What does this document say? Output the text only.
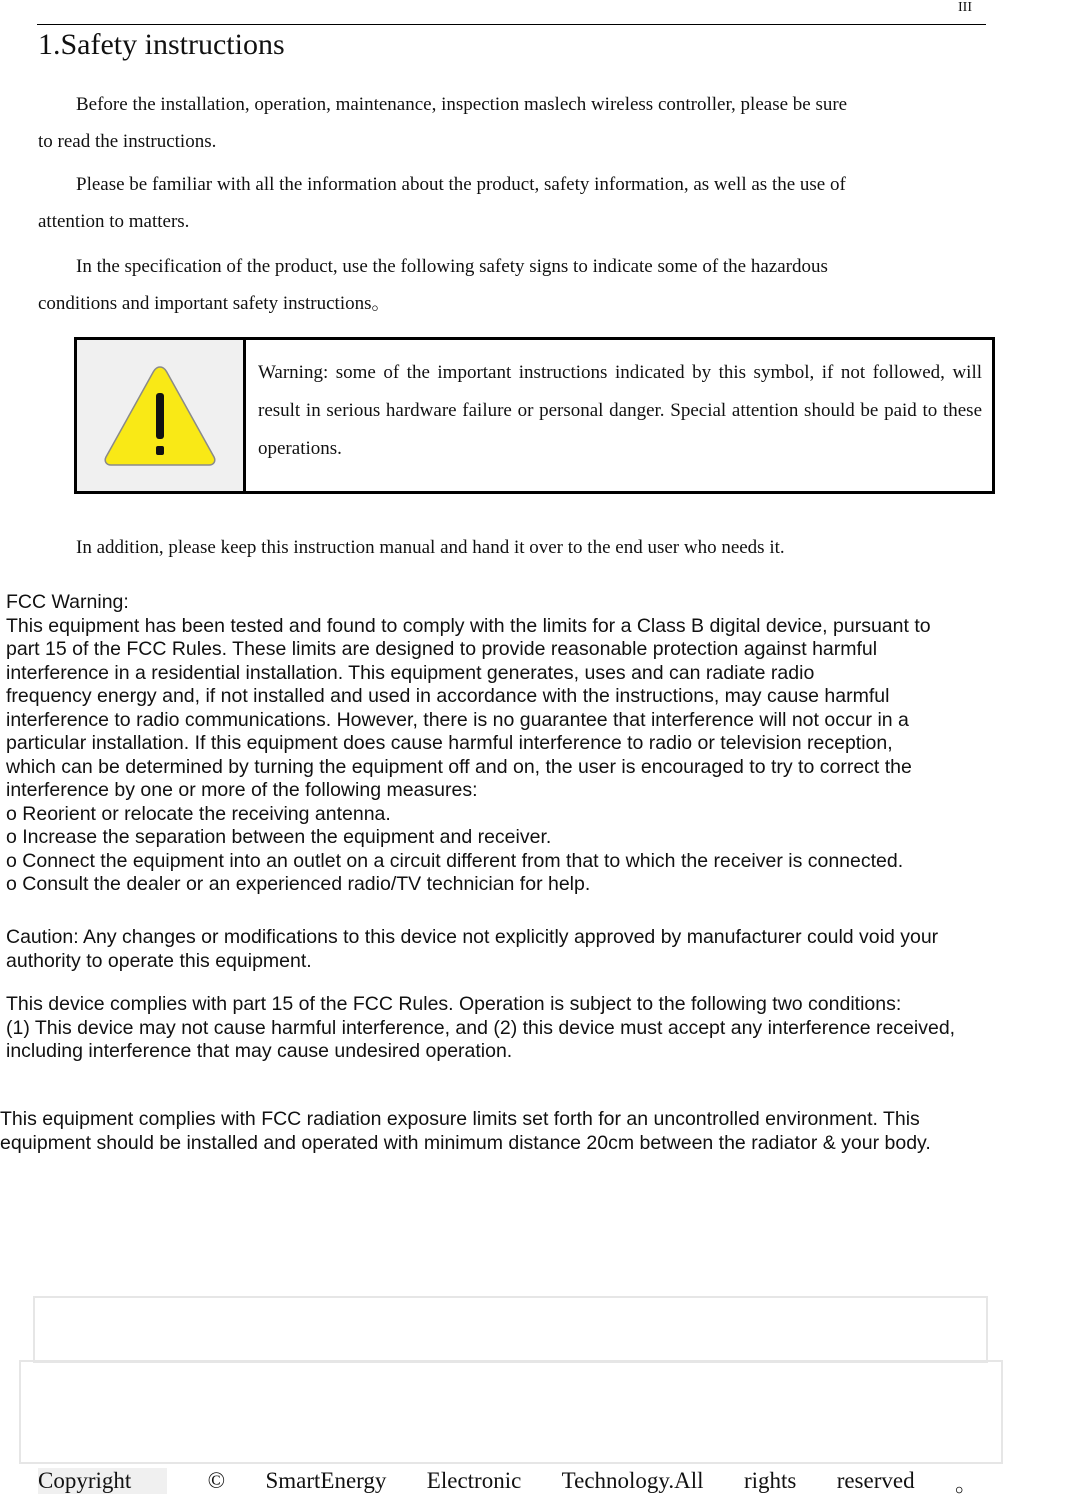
III
1.Safety instructions

Before the installation, operation, maintenance, inspection maslech wireless controller, please be sure
to read the instructions.

Please be familiar with all the information about the product, safety information, as well as the use of
attention to matters.

In the specification of the product, use the following safety signs to indicate some of the hazardous
conditions and important safety instructions。

Warning: some of the important instructions indicated by this symbol, if not followed, will result in serious hardware failure or personal danger. Special attention should be paid to these operations.

In addition, please keep this instruction manual and hand it over to the end user who needs it.

FCC Warning:
This equipment has been tested and found to comply with the limits for a Class B digital device, pursuant to
part 15 of the FCC Rules. These limits are designed to provide reasonable protection against harmful
interference in a residential installation. This equipment generates, uses and can radiate radio
frequency energy and, if not installed and used in accordance with the instructions, may cause harmful
interference to radio communications. However, there is no guarantee that interference will not occur in a
particular installation. If this equipment does cause harmful interference to radio or television reception,
which can be determined by turning the equipment off and on, the user is encouraged to try to correct the
interference by one or more of the following measures:
o Reorient or relocate the receiving antenna.
o Increase the separation between the equipment and receiver.
o Connect the equipment into an outlet on a circuit different from that to which the receiver is connected.
o Consult the dealer or an experienced radio/TV technician for help.
Caution: Any changes or modifications to this device not explicitly approved by manufacturer could void your
authority to operate this equipment.
This device complies with part 15 of the FCC Rules. Operation is subject to the following two conditions:
(1) This device may not cause harmful interference, and (2) this device must accept any interference received,
including interference that may cause undesired operation.
This equipment complies with FCC radiation exposure limits set forth for an uncontrolled environment. This
equipment should be installed and operated with minimum distance 20cm between the radiator & your body.
Copyright	© SmartEnergy Electronic Technology.All rights reserved 。
